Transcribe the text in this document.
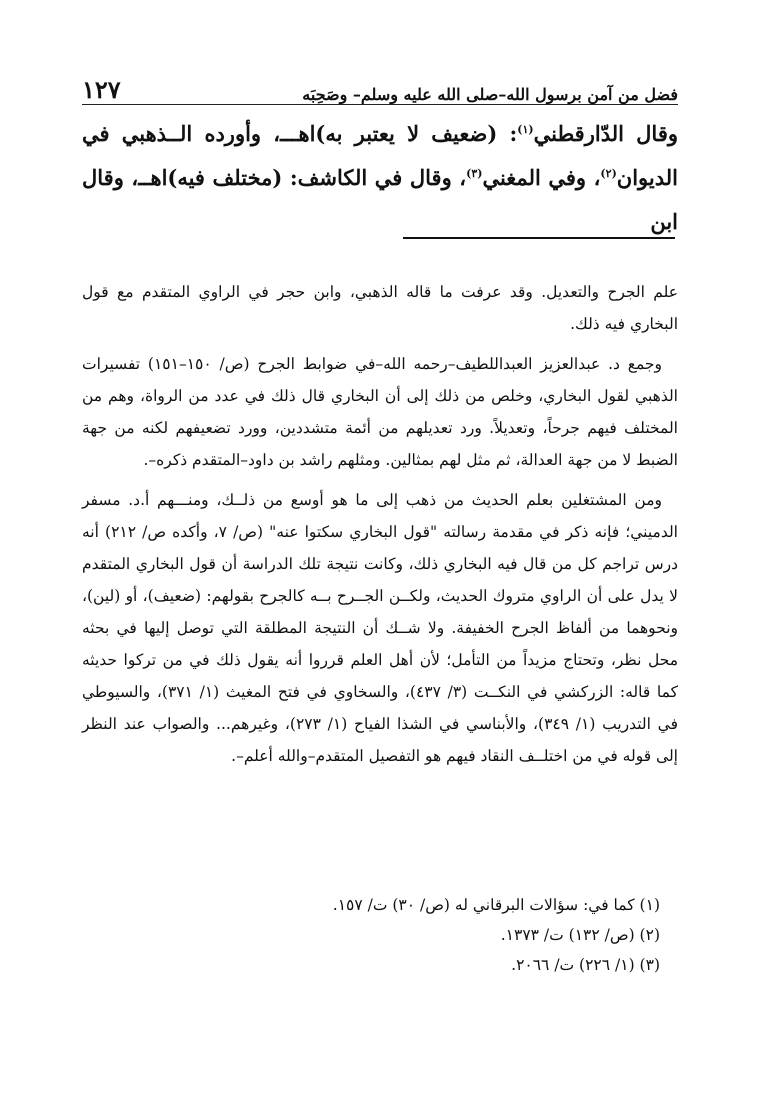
فضل من آمن برسول الله–صلى الله عليه وسلم– وصَحِبَه
١٢٧
وقال الدّارقطني$^{(١)}$: (ضعيف لا يعتبر به)اهـــ، وأورده الــذهبي في الديوان$^{(٢)}$، وفي المغني$^{(٣)}$، وقال في الكاشف: (مختلف فيه)اهــ، وقال ابن

علم الجرح والتعديل. وقد عرفت ما قاله الذهبي، وابن حجر في الراوي المتقدم مع قول البخاري فيه ذلك.

وجمع د. عبدالعزيز العبداللطيف–رحمه الله–في ضوابط الجرح (ص/ ١٥٠–١٥١) تفسيرات الذهبي لقول البخاري، وخلص من ذلك إلى أن البخاري قال ذلك في عدد من الرواة، وهم من المختلف فيهم جرحاً، وتعديلاً. ورد تعديلهم من أئمة متشددين، وورد تضعيفهم لكنه من جهة الضبط لا من جهة العدالة، ثم مثل لهم بمثالين. ومثلهم راشد بن داود–المتقدم ذكره–.

ومن المشتغلين بعلم الحديث من ذهب إلى ما هو أوسع من ذلــك، ومنـــهم أ.د. مسفر الدميني؛ فإنه ذكر في مقدمة رسالته "قول البخاري سكتوا عنه" (ص/ ٧، وأكده ص/ ٢١٢) أنه درس تراجم كل من قال فيه البخاري ذلك، وكانت نتيجة تلك الدراسة أن قول البخاري المتقدم لا يدل على أن الراوي متروك الحديث، ولكــن الجــرح بــه كالجرح بقولهم: (ضعيف)، أو (لين)، ونحوهما من ألفاظ الجرح الخفيفة. ولا شــك أن النتيجة المطلقة التي توصل إليها في بحثه محل نظر، وتحتاج مزيداً من التأمل؛ لأن أهل العلم قرروا أنه يقول ذلك في من تركوا حديثه كما قاله: الزركشي في النكــت (٣/ ٤٣٧)، والسخاوي في فتح المغيث (١/ ٣٧١)، والسيوطي في التدريب (١/ ٣٤٩)، والأبناسي في الشذا الفياح (١/ ٢٧٣)، وغيرهم... والصواب عند النظر إلى قوله في من اختلــف النقاد فيهم هو التفصيل المتقدم–والله أعلم–.

(١) كما في: سؤالات البرقاني له (ص/ ٣٠) ت/ ١٥٧.
(٢) (ص/ ١٣٢) ت/ ١٣٧٣.
(٣) (١/ ٢٢٦) ت/ ٢٠٦٦.
